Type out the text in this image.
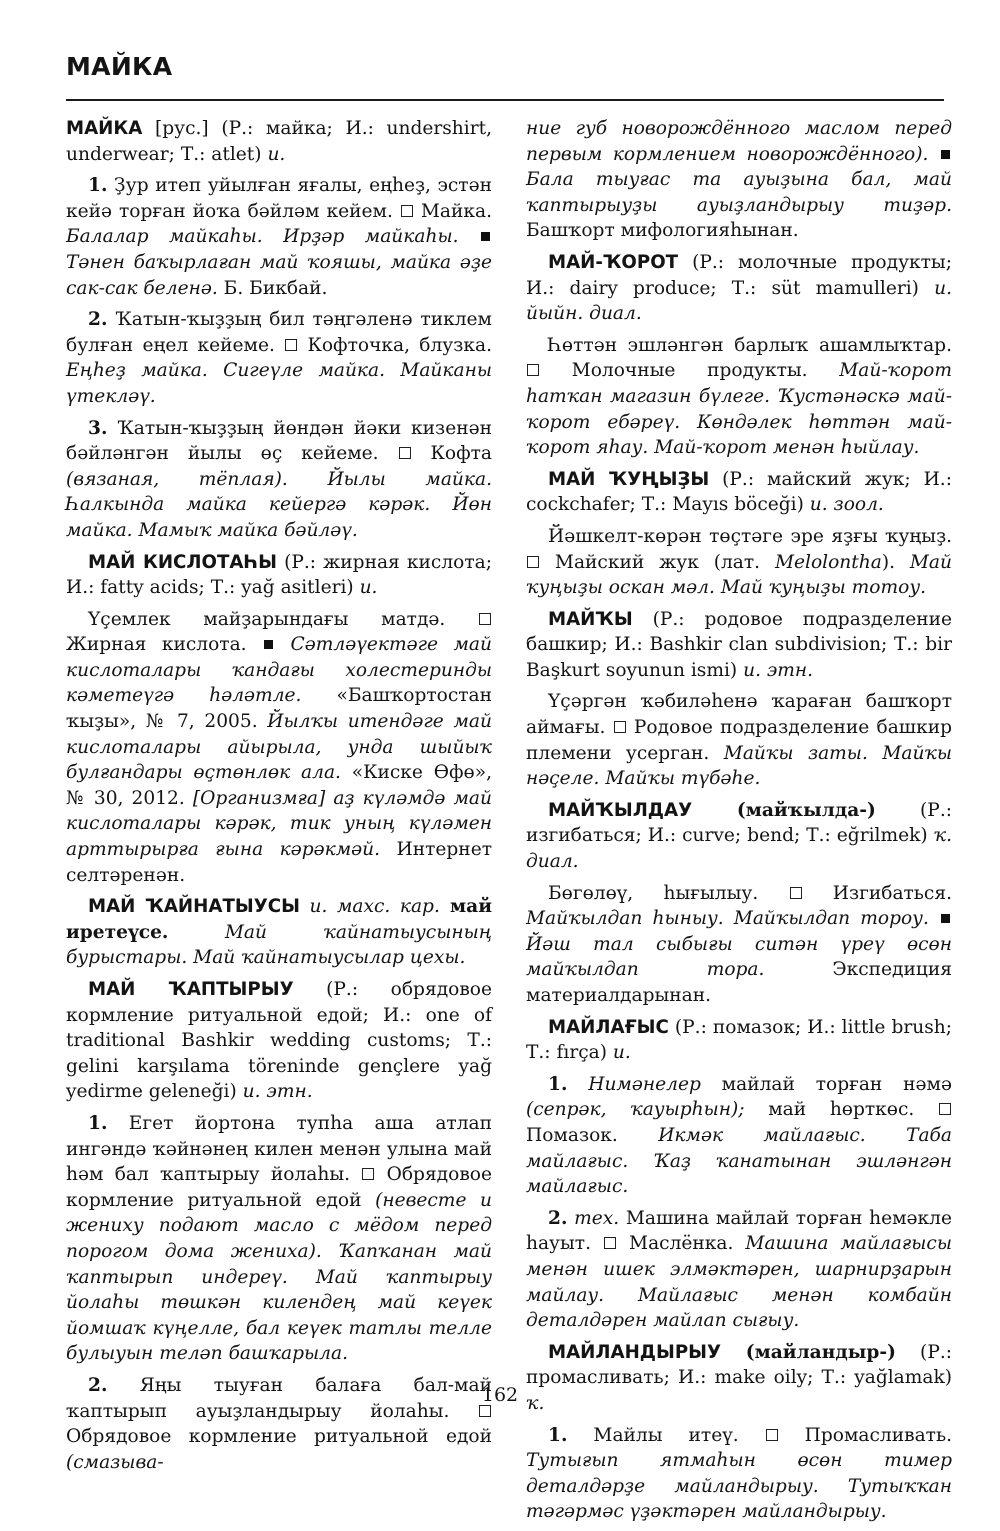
МАЙКА

МАЙКА [рус.] (Р.: майка; И.: undershirt, underwear; Т.: atlet) и.

1. Ҙур итеп уйылған яғалы, еңһеҙ, эстән кейә торған йоҡа бәйләм кейем.  Майка. Балалар майкаһы. Ирҙәр майкаһы.  Тәнен баҡырлаған май ҡояшы, майка әҙе сак-сак беленә. Б. Бикбай.

2. Ҡатын-ҡыҙҙың бил тәңгәленә тиклем булған еңел кейеме.  Кофточка, блузка. Еңһеҙ майка. Сигеүле майка. Майканы үтекләү.

3. Ҡатын-ҡыҙҙың йөндән йәки кизенән бәйләнгән йылы өҫ кейеме.  Кофта (вязаная, тёплая). Йылы майка. Һалкында майка кейергә кәрәк. Йөн майка. Мамыҡ майка бәйләү.

МАЙ КИСЛОТАҺЫ (Р.: жирная кислота; И.: fatty acids; Т.: yağ asitleri) и.

Үҫемлек майҙарындағы матдә.  Жирная кислота.  Сәтләүектәге май кислоталары ҡандағы холестеринды кәметеүгә һәләтле. «Башҡортостан ҡыҙы», № 7, 2005. Йылҡы итендәге май кислоталары айырыла, унда шыйыҡ булғандары өҫтөнлөк ала. «Киске Өфө», № 30, 2012. [Организмға] аҙ күләмдә май кислоталары кәрәк, тик уның күләмен арттырырға ғына кәрәкмәй. Интернет селтәренән.

МАЙ ҠАЙНАТЫУСЫ и. махс. кар. май иретеүсе. Май ҡайнатыусының бурыстары. Май ҡайнатыусылар цехы.

МАЙ ҠАПТЫРЫУ (Р.: обрядовое кормление ритуальной едой; И.: one of traditional Bashkir wedding customs; Т.: gelini karşılama töreninde gençlere yağ yedirme geleneği) и. этн.

1. Егет йортона тупһа аша атлап ингәндә ҡәйнәнең килен менән улына май һәм бал ҡаптырыу йолаһы.  Обрядовое кормление ритуальной едой (невесте и жениху подают масло с мёдом перед порогом дома жениха). Ҡапҡанан май ҡаптырып индереү. Май ҡаптырыу йолаһы төшкән килендең май кеүек йомшаҡ күңелле, бал кеүек татлы телле булыуын теләп башҡарыла.

2. Яңы тыуған балаға бал-май ҡаптырып ауыҙландырыу йолаһы.  Обрядовое кормление ритуальной едой (смазыва-

ние губ новорождённого маслом перед первым кормлением новорождённого).  Бала тыуғас та ауыҙына бал, май ҡаптырыуҙы ауыҙландырыу тиҙәр. Башҡорт мифологияһынан.

МАЙ-ҠОРОТ (Р.: молочные продукты; И.: dairy produce; Т.: süt mamulleri) и. йыйн. диал.

Һөттән эшләнгән барлыҡ ашамлыҡтар.  Молочные продукты. Май-ҡорот һатҡан магазин бүлеге. Ҡустәнәскә май-ҡорот ебәреү. Көндәлек һөттән май-ҡорот яһау. Май-ҡорот менән һыйлау.

МАЙ ҠУҢЫҘЫ (Р.: майский жук; И.: cockchafer; Т.: Mayıs böceği) и. зоол.

Йәшкелт-көрән төҫтәге эре яҙғы ҡуңыҙ.  Майский жук (лат. Melolontha). Май ҡуңыҙы оскан мәл. Май ҡуңыҙы тотоу.

МАЙҠЫ (Р.: родовое подразделение башкир; И.: Bashkir clan subdivision; Т.: bir Başkurt soyunun ismi) и. этн.

Үҫәргән ҡәбиләһенә ҡараған башҡорт аймағы.  Родовое подразделение башкир племени усерган. Майҡы заты. Майҡы нәҫеле. Майҡы түбәһе.

МАЙҠЫЛДАУ (майҡылда-) (Р.: изгибаться; И.: curve; bend; Т.: eğrilmek) ҡ. диал.

Бөгөлөү, һығылыу.  Изгибаться. Майҡылдап һыныу. Майҡылдап тороу.  Йәш тал сыбығы ситән үреү өсөн майҡылдап тора. Экспедиция материалдарынан.

МАЙЛАҒЫС (Р.: помазок; И.: little brush; Т.: fırça) и.

1. Нимәнелер майлай торған нәмә (сепрәк, ҡауырһын); май һөрткөс.  Помазок. Икмәк майлағыс. Таба майлағыс. Ҡаҙ ҡанатынан эшләнгән майлағыс.

2. тех. Машина майлай торған һемәкле һауыт.  Маслёнка. Машина майлағысы менән ишек элмәктәрен, шарнирҙарын майлау. Майлағыс менән комбайн деталдәрен майлап сығыу.

МАЙЛАНДЫРЫУ (майландыр-) (Р.: промасливать; И.: make oily; Т.: yağlamak) ҡ.

1. Майлы итеү.  Промасливать. Тутығып ятмаһын өсөн тимер деталдәрҙе майландырыу. Тутыҡҡан тәгәрмәс үҙәктәрен майландырыу.

162
